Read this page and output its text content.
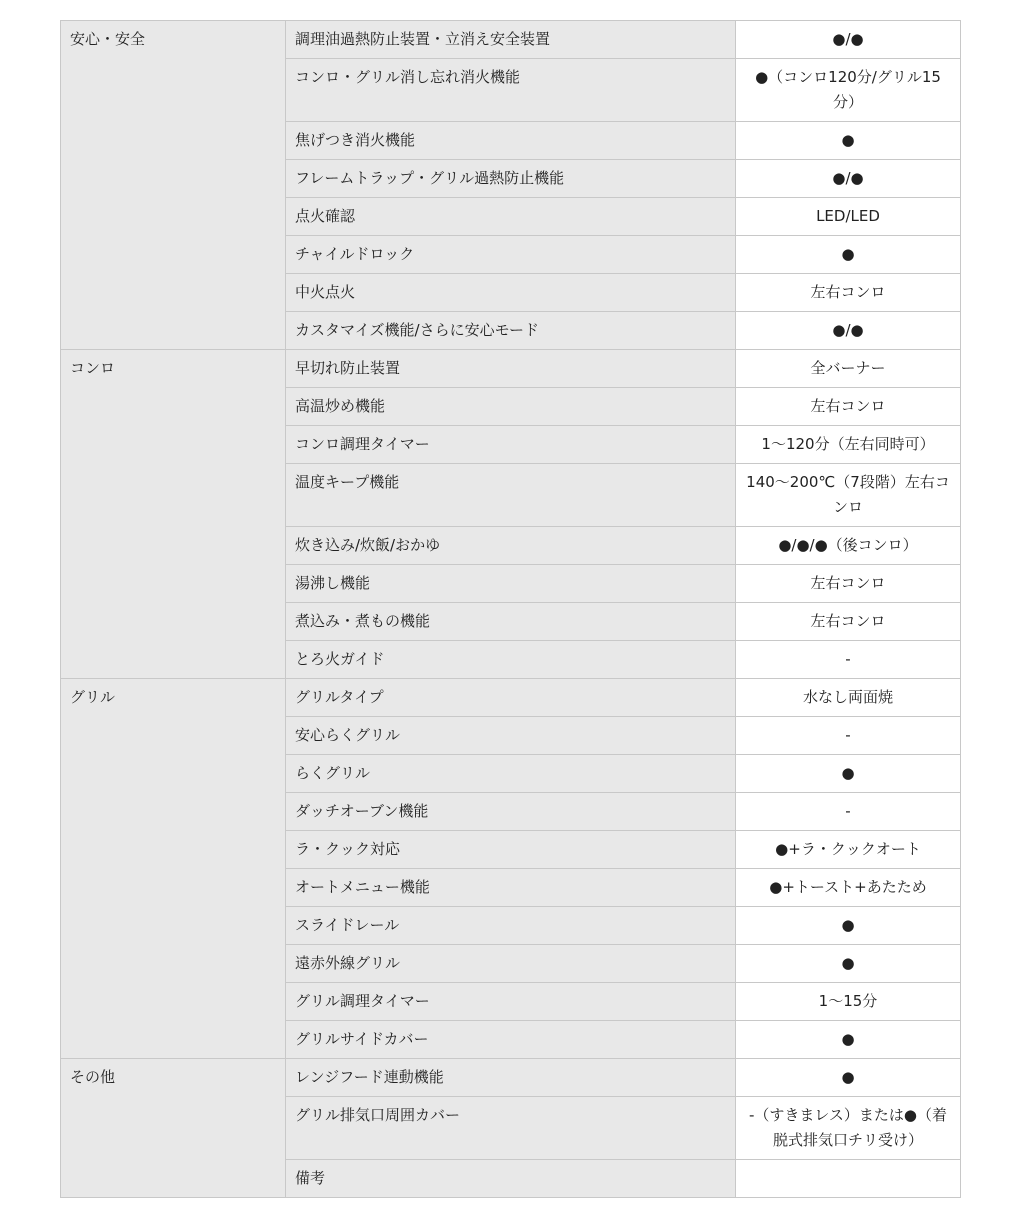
安心・安全	調理油過熱防止装置・立消え安全装置	●/●
	コンロ・グリル消し忘れ消火機能	●（コンロ120分/グリル15分）
	焦げつき消火機能	●
	フレームトラップ・グリル過熱防止機能	●/●
	点火確認	LED/LED
	チャイルドロック	●
	中火点火	左右コンロ
	カスタマイズ機能/さらに安心モード	●/●
コンロ	早切れ防止装置	全バーナー
	高温炒め機能	左右コンロ
	コンロ調理タイマー	1～120分（左右同時可）
	温度キープ機能	140～200℃（7段階）左右コンロ
	炊き込み/炊飯/おかゆ	●/●/●（後コンロ）
	湯沸し機能	左右コンロ
	煮込み・煮もの機能	左右コンロ
	とろ火ガイド	-
グリル	グリルタイプ	水なし両面焼
	安心らくグリル	-
	らくグリル	●
	ダッチオーブン機能	-
	ラ・クック対応	●+ラ・クックオート
	オートメニュー機能	●+トースト+あたため
	スライドレール	●
	遠赤外線グリル	●
	グリル調理タイマー	1～15分
	グリルサイドカバー	●
その他	レンジフード連動機能	●
	グリル排気口周囲カバー	-（すきまレス）または●（着脱式排気口チリ受け）
	備考	
